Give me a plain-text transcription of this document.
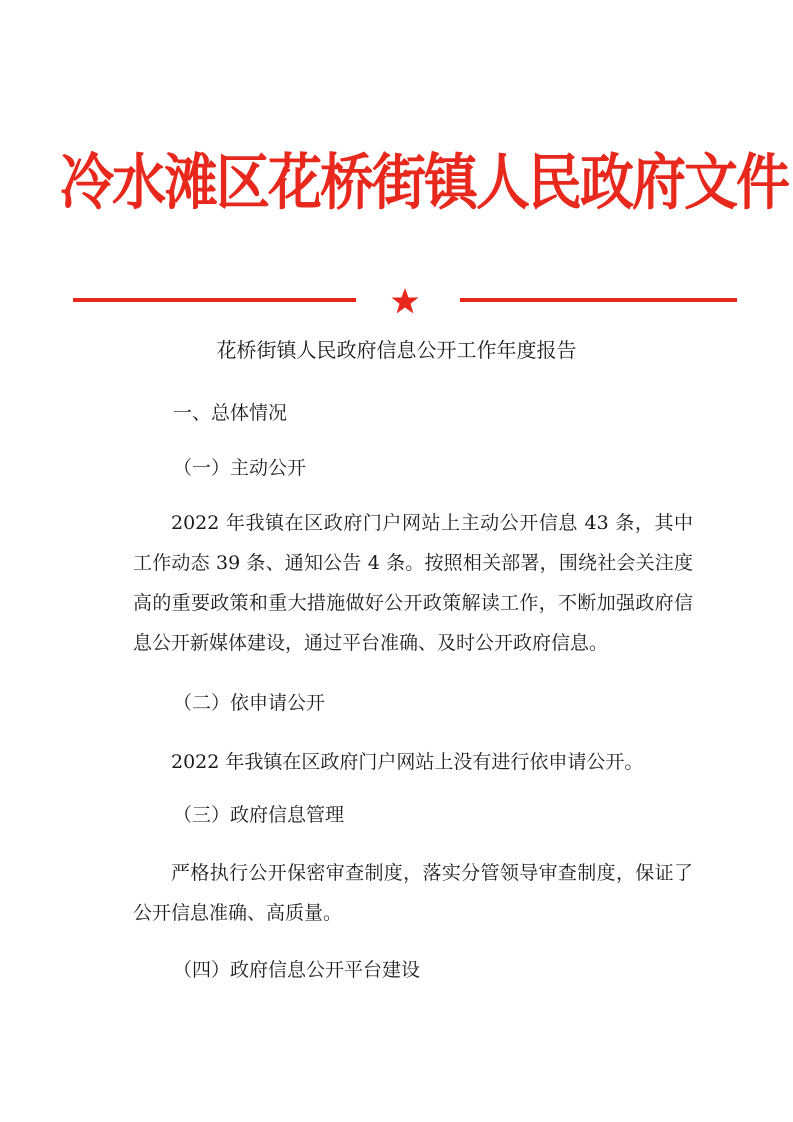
冷水滩区花桥街镇人民政府文件
花桥街镇人民政府信息公开工作年度报告
一、总体情况
（一）主动公开
2022 年我镇在区政府门户网站上主动公开信息 43 条，其中工作动态 39 条、通知公告 4 条。按照相关部署，围绕社会关注度高的重要政策和重大措施做好公开政策解读工作，不断加强政府信息公开新媒体建设，通过平台准确、及时公开政府信息。
（二）依申请公开
2022 年我镇在区政府门户网站上没有进行依申请公开。
（三）政府信息管理
严格执行公开保密审查制度，落实分管领导审查制度，保证了公开信息准确、高质量。
（四）政府信息公开平台建设
